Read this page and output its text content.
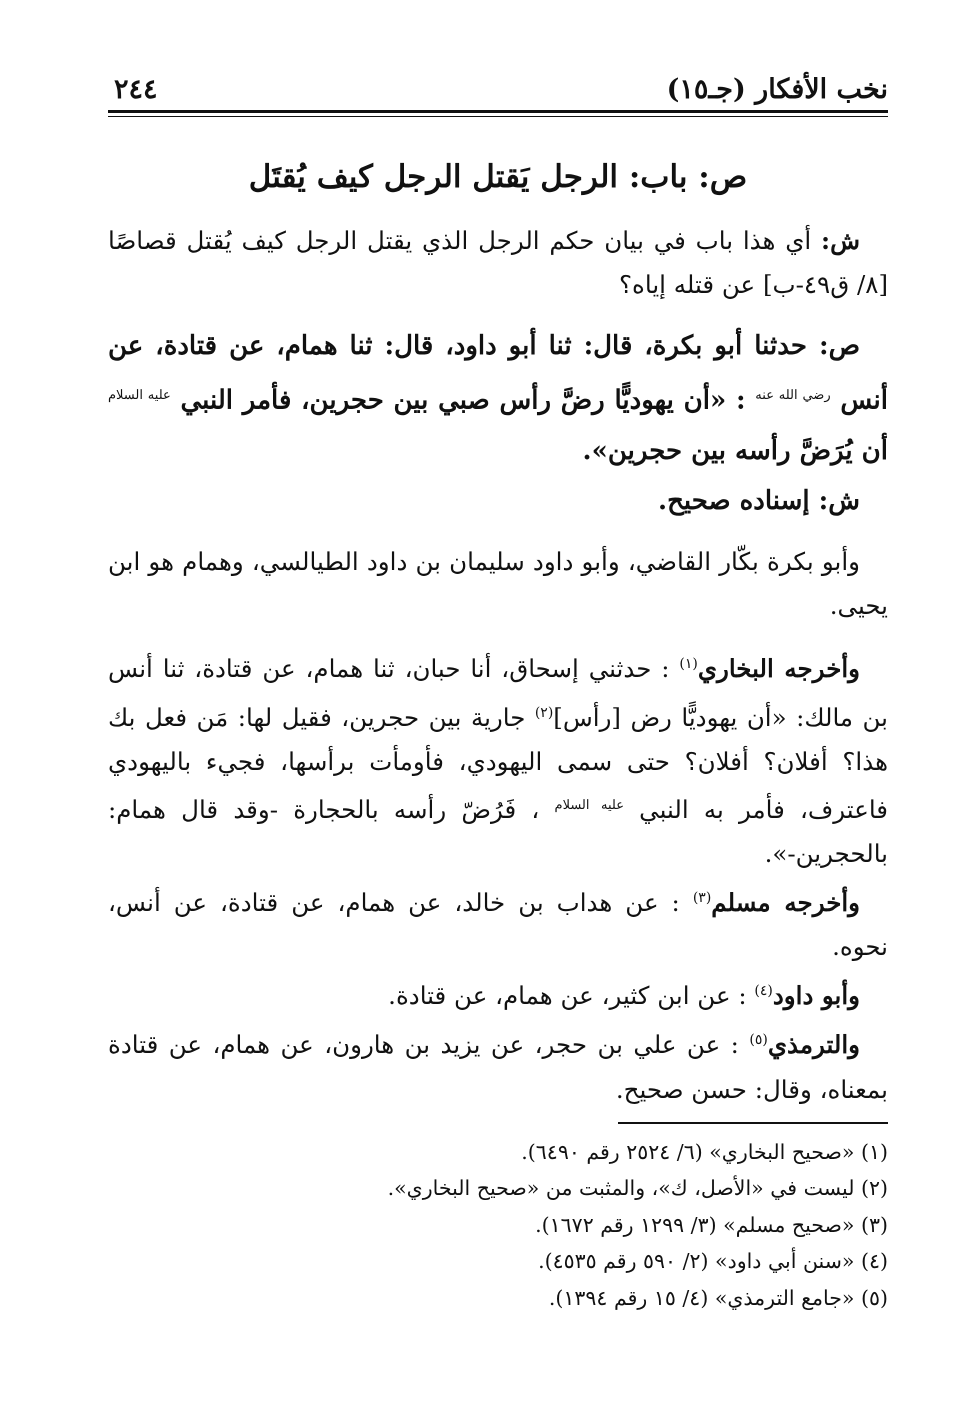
نخب الأفكار (جـ١٥)
٢٤٤
ص: باب: الرجل يَقتل الرجل كيف يُقتَل

ش: أي هذا باب في بيان حكم الرجل الذي يقتل الرجل كيف يُقتل قصاصًا [٨/ ق٤٩-ب] عن قتله إياه؟

ص: حدثنا أبو بكرة، قال: ثنا أبو داود، قال: ثنا همام، عن قتادة، عن أنس $^{رضي الله عنه}$ : «أن يهوديًّا رضَّ رأس صبي بين حجرين، فأمر النبي $^{عليه السلام}$ أن يُرَضَّ رأسه بين حجرين».

ش: إسناده صحيح.

وأبو بكرة بكّار القاضي، وأبو داود سليمان بن داود الطيالسي، وهمام هو ابن يحيى.

وأخرجه البخاري$^{(١)}$ : حدثني إسحاق، أنا حبان، ثنا همام، عن قتادة، ثنا أنس بن مالك: «أن يهوديًّا رض [رأس]$^{(٢)}$ جارية بين حجرين، فقيل لها: مَن فعل بك هذا؟ أفلان؟ أفلان؟ حتى سمى اليهودي، فأومأت برأسها، فجيء باليهودي فاعترف، فأمر به النبي $^{عليه السلام}$ ، فَرُضّ رأسه بالحجارة -وقد قال همام: بالحجرين-».

وأخرجه مسلم$^{(٣)}$ : عن هداب بن خالد، عن همام، عن قتادة، عن أنس، نحوه.

وأبو داود$^{(٤)}$ : عن ابن كثير، عن همام، عن قتادة.

والترمذي$^{(٥)}$ : عن علي بن حجر، عن يزيد بن هارون، عن همام، عن قتادة بمعناه، وقال: حسن صحيح.

(١) «صحيح البخاري» (٦/ ٢٥٢٤ رقم ٦٤٩٠).

(٢) ليست في «الأصل، ك»، والمثبت من «صحيح البخاري».

(٣) «صحيح مسلم» (٣/ ١٢٩٩ رقم ١٦٧٢).

(٤) «سنن أبي داود» (٢/ ٥٩٠ رقم ٤٥٣٥).

(٥) «جامع الترمذي» (٤/ ١٥ رقم ١٣٩٤).
